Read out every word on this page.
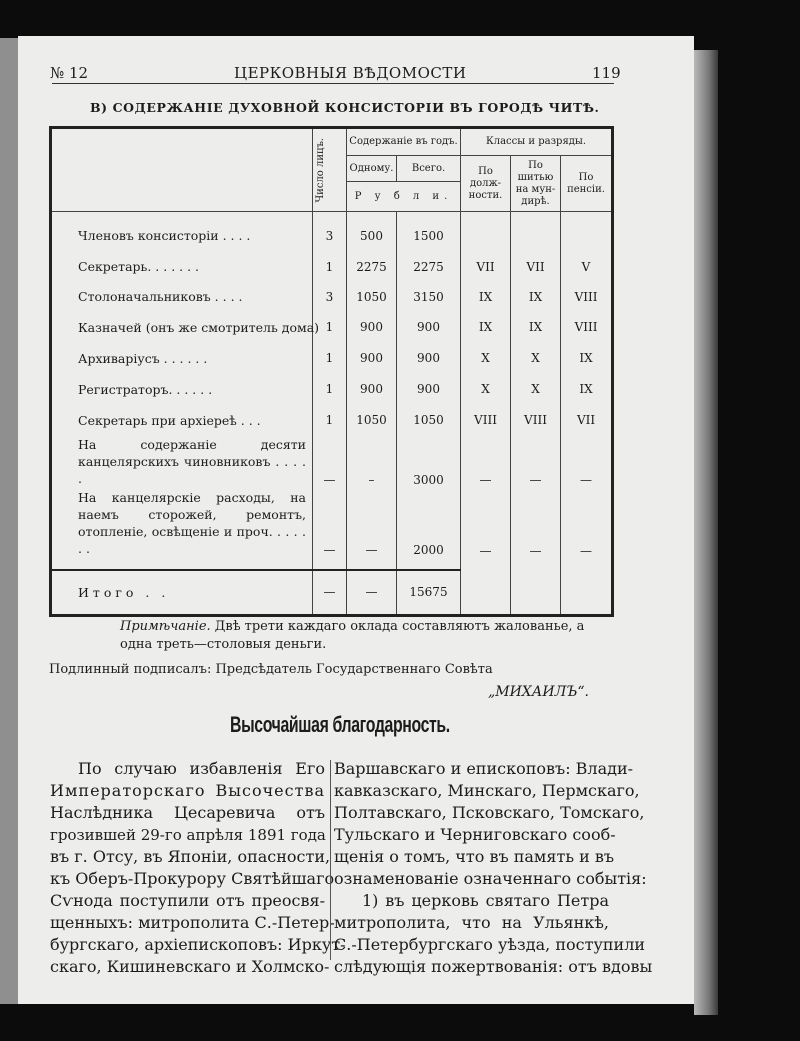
№ 12	ЦЕРКОВНЫЯ ВѢДОМОСТИ	119
В) СОДЕРЖАНІЕ ДУХОВНОЙ КОНСИСТОРІИ ВЪ ГОРОДѢ ЧИТѢ.

	Число лицъ.	Содержаніе въ годъ.		Классы и разряды.		
		Одному.	Всего.	По долж-ности.	По шитью на мун-дирѣ.	По пенсіи.
		Р у б л и.				
Членовъ консисторіи . . . .	3	500	1500			
Секретарь. . . . . . .	1	2275	2275	VII	VII	V
Столоначальниковъ . . . .	3	1050	3150	IX	IX	VIII
Казначей (онъ же смотритель дома)	1	900	900	IX	IX	VIII
Архиваріусъ . . . . . .	1	900	900	X	X	IX
Регистраторъ. . . . . .	1	900	900	X	X	IX
Секретарь при архіереѣ . . .	1	1050	1050	VIII	VIII	VII
На содержаніе десяти канцелярскихъ чиновниковъ . . . . .	—	–	3000	—	—	—
На канцелярскіе расходы, на наемъ сторожей, ремонтъ, отопленіе, освѣщеніе и проч. . . . . . .	—	—	2000	—	—	—
Итого . .	—	—	15675			
Примѣчаніе. Двѣ трети каждаго оклада составляютъ жалованье, а одна треть—столовыя деньги.
Подлинный подписалъ: Предсѣдатель Государственнаго Совѣта
„МИХАИЛЪ“.
Высочайшая благодарность.
По случаю избавленія Его
Императорскаго Высочества
Наслѣдника Цесаревича отъ
грозившей 29-го апрѣля 1891 года
въ г. Отсу, въ Японіи, опасности,
къ Оберъ-Прокурору Святѣйшаго
Сѵнода поступили отъ преосвя-
щенныхъ: митрополита С.-Петер-
бургскаго, архіепископовъ: Иркут-
скаго, Кишиневскаго и Холмско-
Варшавскаго и епископовъ: Влади-
кавказскаго, Минскаго, Пермскаго,
Полтавскаго, Псковскаго, Томскаго,
Тульскаго и Черниговскаго сооб-
щенія о томъ, что въ память и въ
ознаменованіе означеннаго событія:
1) въ церковь святаго Петра
митрополита, что на Ульянкѣ,
С.-Петербургскаго уѣзда, поступили
слѣдующія пожертвованія: отъ вдовы
